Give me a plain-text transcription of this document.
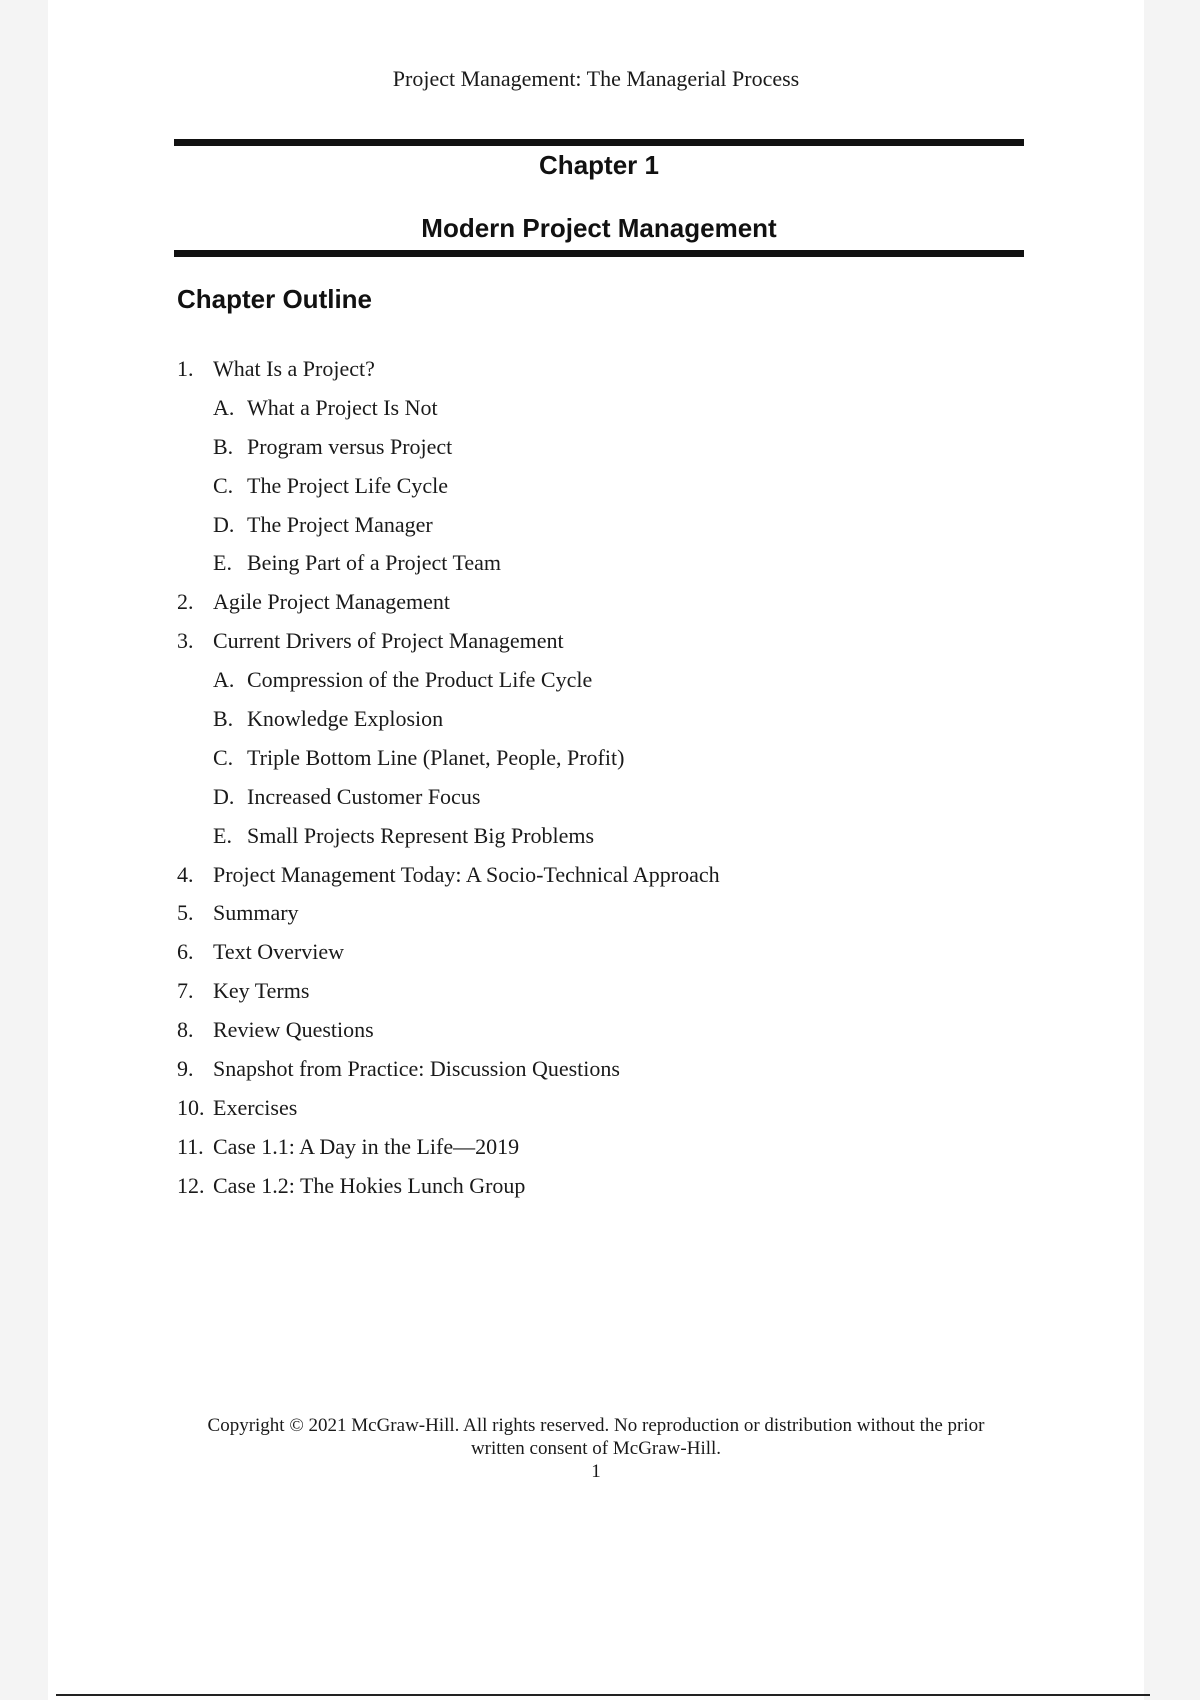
Project Management: The Managerial Process
Chapter 1
Modern Project Management
Chapter Outline
1. What Is a Project?
A. What a Project Is Not
B. Program versus Project
C. The Project Life Cycle
D. The Project Manager
E. Being Part of a Project Team
2. Agile Project Management
3. Current Drivers of Project Management
A. Compression of the Product Life Cycle
B. Knowledge Explosion
C. Triple Bottom Line (Planet, People, Profit)
D. Increased Customer Focus
E. Small Projects Represent Big Problems
4. Project Management Today: A Socio-Technical Approach
5. Summary
6. Text Overview
7. Key Terms
8. Review Questions
9. Snapshot from Practice: Discussion Questions
10. Exercises
11. Case 1.1: A Day in the Life—2019
12. Case 1.2: The Hokies Lunch Group
Copyright © 2021 McGraw-Hill. All rights reserved. No reproduction or distribution without the prior
written consent of McGraw-Hill.
1
